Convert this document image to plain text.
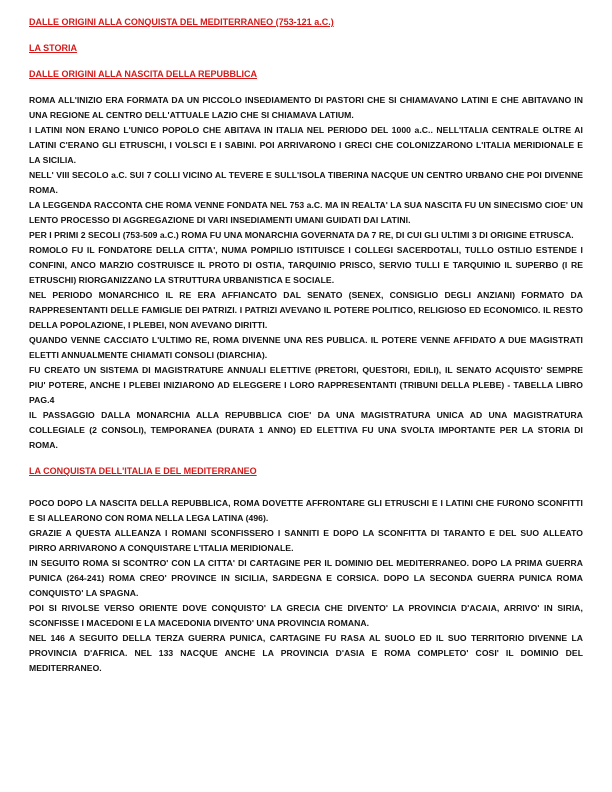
DALLE ORIGINI ALLA CONQUISTA DEL MEDITERRANEO (753-121 a.C.)

LA STORIA

DALLE ORIGINI ALLA NASCITA DELLA REPUBBLICA

ROMA ALL'INIZIO ERA FORMATA DA UN PICCOLO INSEDIAMENTO DI PASTORI CHE SI CHIAMAVANO LATINI E CHE ABITAVANO IN UNA REGIONE AL CENTRO DELL'ATTUALE LAZIO CHE SI CHIAMAVA LATIUM.

I LATINI NON ERANO L'UNICO POPOLO CHE ABITAVA IN ITALIA NEL PERIODO DEL 1000 a.C.. NELL'ITALIA CENTRALE OLTRE AI LATINI C'ERANO GLI ETRUSCHI, I VOLSCI E I SABINI. POI ARRIVARONO I GRECI CHE COLONIZZARONO L'ITALIA MERIDIONALE E LA SICILIA.

NELL' VIII SECOLO a.C. SUI 7 COLLI VICINO AL TEVERE E SULL'ISOLA TIBERINA NACQUE UN CENTRO URBANO CHE POI DIVENNE ROMA.

LA LEGGENDA RACCONTA CHE ROMA VENNE FONDATA NEL 753 a.C. MA IN REALTA' LA SUA NASCITA FU UN SINECISMO CIOE' UN LENTO PROCESSO DI AGGREGAZIONE DI VARI INSEDIAMENTI UMANI GUIDATI DAI LATINI.

PER I PRIMI 2 SECOLI (753-509 a.C.) ROMA FU UNA MONARCHIA GOVERNATA DA 7 RE, DI CUI GLI ULTIMI 3 DI ORIGINE ETRUSCA.

ROMOLO FU IL FONDATORE DELLA CITTA', NUMA POMPILIO ISTITUISCE I COLLEGI SACERDOTALI, TULLO OSTILIO ESTENDE I CONFINI, ANCO MARZIO COSTRUISCE IL PROTO DI OSTIA, TARQUINIO PRISCO, SERVIO TULLI E TARQUINIO IL SUPERBO (I RE ETRUSCHI) RIORGANIZZANO LA STRUTTURA URBANISTICA E SOCIALE.

NEL PERIODO MONARCHICO IL RE ERA AFFIANCATO DAL SENATO (SENEX, CONSIGLIO DEGLI ANZIANI) FORMATO DA RAPPRESENTANTI DELLE FAMIGLIE DEI PATRIZI. I PATRIZI AVEVANO IL POTERE POLITICO, RELIGIOSO ED ECONOMICO. IL RESTO DELLA POPOLAZIONE, I PLEBEI, NON AVEVANO DIRITTI.

QUANDO VENNE CACCIATO L'ULTIMO RE, ROMA DIVENNE UNA RES PUBLICA. IL POTERE VENNE AFFIDATO A DUE MAGISTRATI ELETTI ANNUALMENTE CHIAMATI CONSOLI (DIARCHIA).

FU CREATO UN SISTEMA DI MAGISTRATURE ANNUALI ELETTIVE (PRETORI, QUESTORI, EDILI), IL SENATO ACQUISTO' SEMPRE PIU' POTERE, ANCHE I PLEBEI INIZIARONO AD ELEGGERE I LORO RAPPRESENTANTI (TRIBUNI DELLA PLEBE) - TABELLA LIBRO PAG.4

IL PASSAGGIO DALLA MONARCHIA ALLA REPUBBLICA CIOE' DA UNA MAGISTRATURA UNICA AD UNA MAGISTRATURA COLLEGIALE (2 CONSOLI), TEMPORANEA (DURATA 1 ANNO) ED ELETTIVA FU UNA SVOLTA IMPORTANTE PER LA STORIA DI ROMA.

LA CONQUISTA DELL'ITALIA E DEL MEDITERRANEO

POCO DOPO LA NASCITA DELLA REPUBBLICA, ROMA DOVETTE AFFRONTARE GLI ETRUSCHI E I LATINI CHE FURONO SCONFITTI E SI ALLEARONO CON ROMA NELLA LEGA LATINA (496).

GRAZIE A QUESTA ALLEANZA I ROMANI SCONFISSERO I SANNITI E DOPO LA SCONFITTA DI TARANTO E DEL SUO ALLEATO PIRRO ARRIVARONO A CONQUISTARE L'ITALIA MERIDIONALE.

IN SEGUITO ROMA SI SCONTRO' CON LA CITTA' DI CARTAGINE PER IL DOMINIO DEL MEDITERRANEO. DOPO LA PRIMA GUERRA PUNICA (264-241) ROMA CREO' PROVINCE IN SICILIA, SARDEGNA E CORSICA. DOPO LA SECONDA GUERRA PUNICA ROMA CONQUISTO' LA SPAGNA.

POI SI RIVOLSE VERSO ORIENTE DOVE CONQUISTO' LA GRECIA CHE DIVENTO' LA PROVINCIA D'ACAIA, ARRIVO' IN SIRIA, SCONFISSE I MACEDONI E LA MACEDONIA DIVENTO' UNA PROVINCIA ROMANA.

NEL 146 A SEGUITO DELLA TERZA GUERRA PUNICA, CARTAGINE FU RASA AL SUOLO ED IL SUO TERRITORIO DIVENNE LA PROVINCIA D'AFRICA. NEL 133 NACQUE ANCHE LA PROVINCIA D'ASIA E ROMA COMPLETO' COSI' IL DOMINIO DEL MEDITERRANEO.
